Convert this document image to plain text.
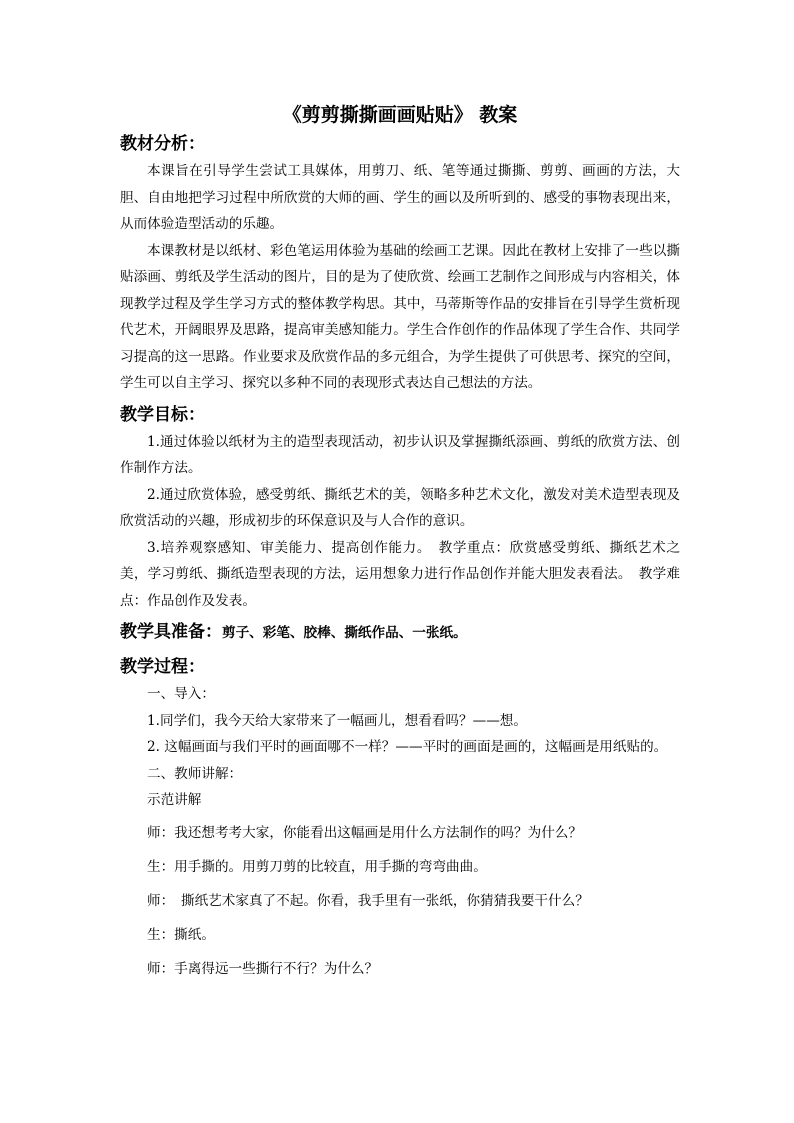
《剪剪撕撕画画贴贴》 教案
教材分析：

本课旨在引导学生尝试工具媒体，用剪刀、纸、笔等通过撕撕、剪剪、画画的方法，大胆、自由地把学习过程中所欣赏的大师的画、学生的画以及所听到的、感受的事物表现出来，从而体验造型活动的乐趣。

本课教材是以纸材、彩色笔运用体验为基础的绘画工艺课。因此在教材上安排了一些以撕贴添画、剪纸及学生活动的图片，目的是为了使欣赏、绘画工艺制作之间形成与内容相关，体现教学过程及学生学习方式的整体教学构思。其中，马蒂斯等作品的安排旨在引导学生赏析现代艺术，开阔眼界及思路，提高审美感知能力。学生合作创作的作品体现了学生合作、共同学习提高的这一思路。作业要求及欣赏作品的多元组合，为学生提供了可供思考、探究的空间，学生可以自主学习、探究以多种不同的表现形式表达自己想法的方法。

教学目标：

1.通过体验以纸材为主的造型表现活动，初步认识及掌握撕纸添画、剪纸的欣赏方法、创作制作方法。

2.通过欣赏体验，感受剪纸、撕纸艺术的美，领略多种艺术文化，激发对美术造型表现及欣赏活动的兴趣，形成初步的环保意识及与人合作的意识。

3.培养观察感知、审美能力、提高创作能力。　教学重点：欣赏感受剪纸、撕纸艺术之美，学习剪纸、撕纸造型表现的方法，运用想象力进行作品创作并能大胆发表看法。　教学难点：作品创作及发表。

教学具准备：剪子、彩笔、胶棒、撕纸作品、一张纸。

教学过程：

一、导入：

1.同学们，我今天给大家带来了一幅画儿，想看看吗？——想。

2. 这幅画面与我们平时的画面哪不一样？——平时的画面是画的，这幅画是用纸贴的。

二、教师讲解：

示范讲解

师：我还想考考大家，你能看出这幅画是用什么方法制作的吗？为什么？

生：用手撕的。用剪刀剪的比较直，用手撕的弯弯曲曲。

师：　撕纸艺术家真了不起。你看，我手里有一张纸，你猜猜我要干什么？

生：撕纸。

师：手离得远一些撕行不行？为什么？
